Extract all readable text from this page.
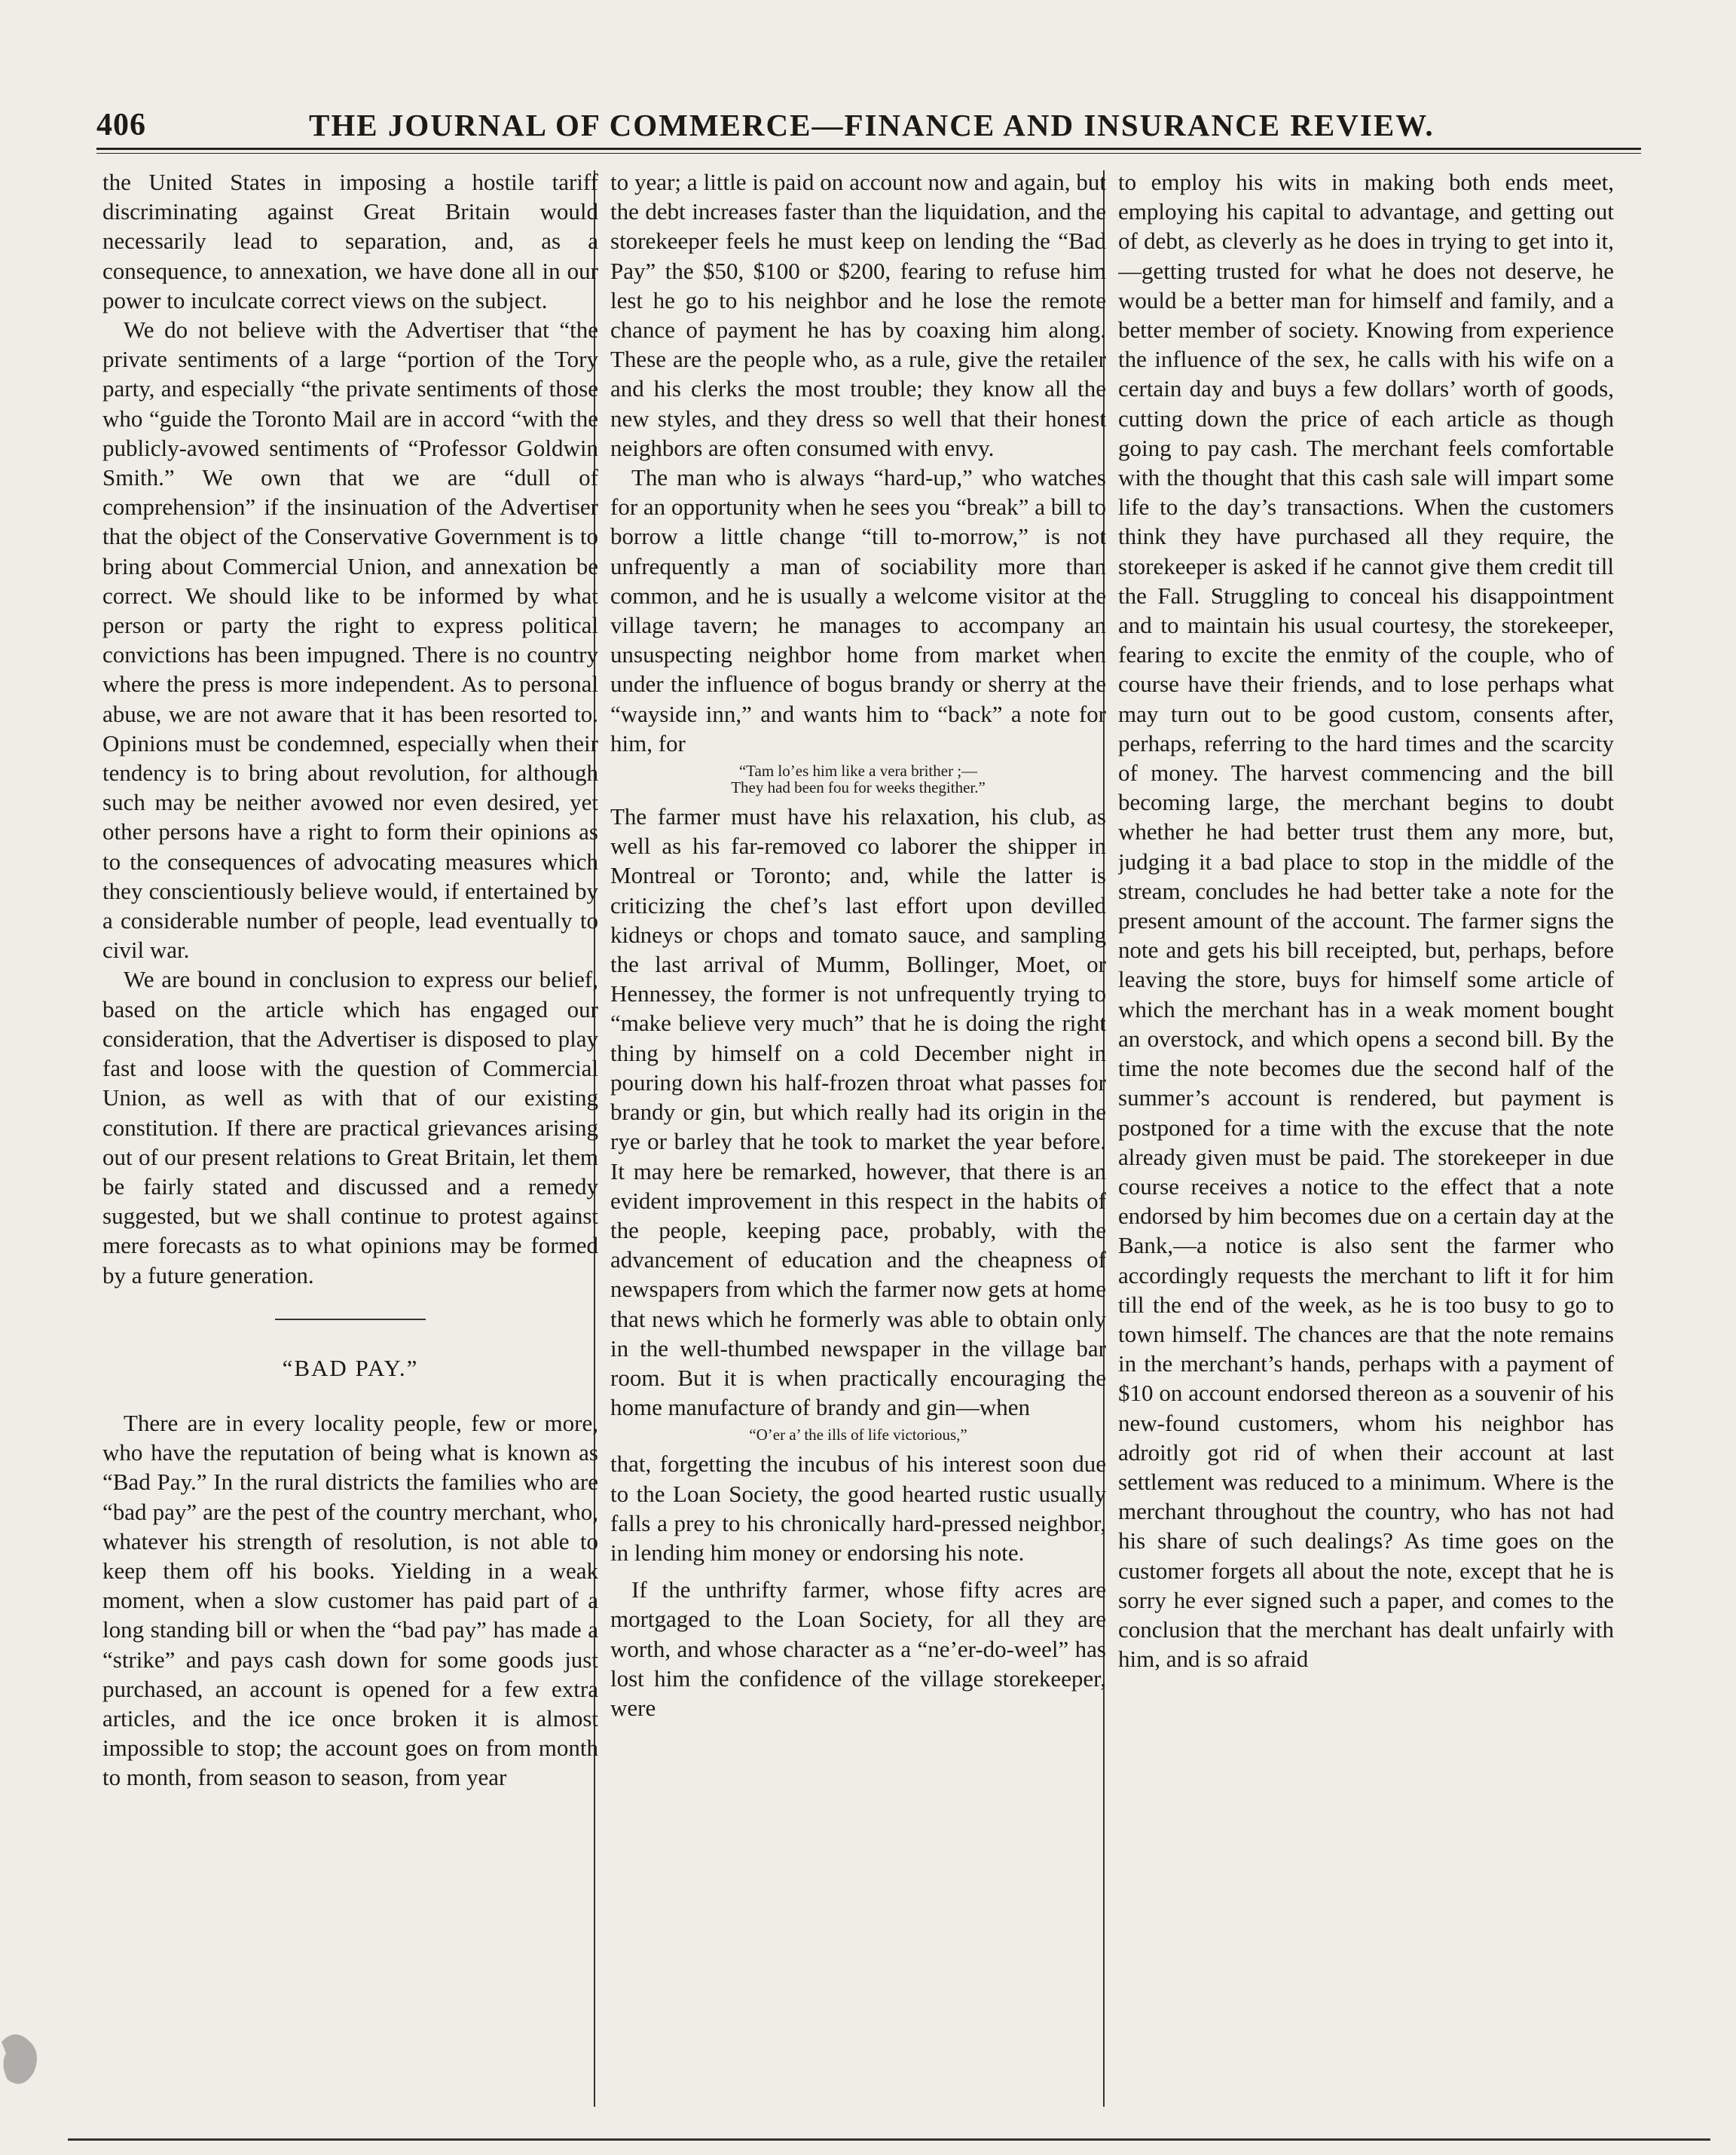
406	THE JOURNAL OF COMMERCE—FINANCE AND INSURANCE REVIEW.

the United States in imposing a hostile tariff discriminating against Great Britain would necessarily lead to separation, and, as a consequence, to annexation, we have done all in our power to inculcate correct views on the subject.

We do not believe with the Advertiser that “the private sentiments of a large “portion of the Tory party, and especially “the private sentiments of those who “guide the Toronto Mail are in accord “with the publicly-avowed sentiments of “Professor Goldwin Smith.” We own that we are “dull of comprehension” if the insinuation of the Advertiser that the object of the Conservative Government is to bring about Commercial Union, and annexation be correct. We should like to be informed by what person or party the right to express political convictions has been impugned. There is no country where the press is more independent. As to personal abuse, we are not aware that it has been resorted to. Opinions must be condemned, especially when their tendency is to bring about revolution, for although such may be neither avowed nor even desired, yet other persons have a right to form their opinions as to the consequences of advocating measures which they conscientiously believe would, if entertained by a considerable number of people, lead eventually to civil war.

We are bound in conclusion to express our belief, based on the article which has engaged our consideration, that the Advertiser is disposed to play fast and loose with the question of Commercial Union, as well as with that of our existing constitution. If there are practical grievances arising out of our present relations to Great Britain, let them be fairly stated and discussed and a remedy suggested, but we shall continue to protest against mere forecasts as to what opinions may be formed by a future generation.

“BAD PAY.”

There are in every locality people, few or more, who have the reputation of being what is known as “Bad Pay.” In the rural districts the families who are “bad pay” are the pest of the country merchant, who, whatever his strength of resolution, is not able to keep them off his books. Yielding in a weak moment, when a slow customer has paid part of a long standing bill or when the “bad pay” has made a “strike” and pays cash down for some goods just purchased, an account is opened for a few extra articles, and the ice once broken it is almost impossible to stop; the account goes on from month to month, from season to season, from year

to year; a little is paid on account now and again, but the debt increases faster than the liquidation, and the storekeeper feels he must keep on lending the “Bad Pay” the $50, $100 or $200, fearing to refuse him lest he go to his neighbor and he lose the remote chance of payment he has by coaxing him along. These are the people who, as a rule, give the retailer and his clerks the most trouble; they know all the new styles, and they dress so well that their honest neighbors are often consumed with envy.

The man who is always “hard-up,” who watches for an opportunity when he sees you “break” a bill to borrow a little change “till to-morrow,” is not unfrequently a man of sociability more than common, and he is usually a welcome visitor at the village tavern; he manages to accompany an unsuspecting neighbor home from market when under the influence of bogus brandy or sherry at the “wayside inn,” and wants him to “back” a note for him, for

“Tam lo’es him like a vera brither ;—
They had been fou for weeks thegither.”

The farmer must have his relaxation, his club, as well as his far-removed co laborer the shipper in Montreal or Toronto; and, while the latter is criticizing the chef’s last effort upon devilled kidneys or chops and tomato sauce, and sampling the last arrival of Mumm, Bollinger, Moet, or Hennessey, the former is not unfrequently trying to “make believe very much” that he is doing the right thing by himself on a cold December night in pouring down his half-frozen throat what passes for brandy or gin, but which really had its origin in the rye or barley that he took to market the year before. It may here be remarked, however, that there is an evident improvement in this respect in the habits of the people, keeping pace, probably, with the advancement of education and the cheapness of newspapers from which the farmer now gets at home that news which he formerly was able to obtain only in the well-thumbed newspaper in the village bar room. But it is when practically encouraging the home manufacture of brandy and gin—when

“O’er a’ the ills of life victorious,”

that, forgetting the incubus of his interest soon due to the Loan Society, the good hearted rustic usually falls a prey to his chronically hard-pressed neighbor, in lending him money or endorsing his note.

If the unthrifty farmer, whose fifty acres are mortgaged to the Loan Society, for all they are worth, and whose character as a “ne’er-do-weel” has lost him the confidence of the village storekeeper, were

to employ his wits in making both ends meet, employing his capital to advantage, and getting out of debt, as cleverly as he does in trying to get into it,—getting trusted for what he does not deserve, he would be a better man for himself and family, and a better member of society. Knowing from experience the influence of the sex, he calls with his wife on a certain day and buys a few dollars’ worth of goods, cutting down the price of each article as though going to pay cash. The merchant feels comfortable with the thought that this cash sale will impart some life to the day’s transactions. When the customers think they have purchased all they require, the storekeeper is asked if he cannot give them credit till the Fall. Struggling to conceal his disappointment and to maintain his usual courtesy, the storekeeper, fearing to excite the enmity of the couple, who of course have their friends, and to lose perhaps what may turn out to be good custom, consents after, perhaps, referring to the hard times and the scarcity of money. The harvest commencing and the bill becoming large, the merchant begins to doubt whether he had better trust them any more, but, judging it a bad place to stop in the middle of the stream, concludes he had better take a note for the present amount of the account. The farmer signs the note and gets his bill receipted, but, perhaps, before leaving the store, buys for himself some article of which the merchant has in a weak moment bought an overstock, and which opens a second bill. By the time the note becomes due the second half of the summer’s account is rendered, but payment is postponed for a time with the excuse that the note already given must be paid. The storekeeper in due course receives a notice to the effect that a note endorsed by him becomes due on a certain day at the Bank,—a notice is also sent the farmer who accordingly requests the merchant to lift it for him till the end of the week, as he is too busy to go to town himself. The chances are that the note remains in the merchant’s hands, perhaps with a payment of $10 on account endorsed thereon as a souvenir of his new-found customers, whom his neighbor has adroitly got rid of when their account at last settlement was reduced to a minimum. Where is the merchant throughout the country, who has not had his share of such dealings? As time goes on the customer forgets all about the note, except that he is sorry he ever signed such a paper, and comes to the conclusion that the merchant has dealt unfairly with him, and is so afraid
